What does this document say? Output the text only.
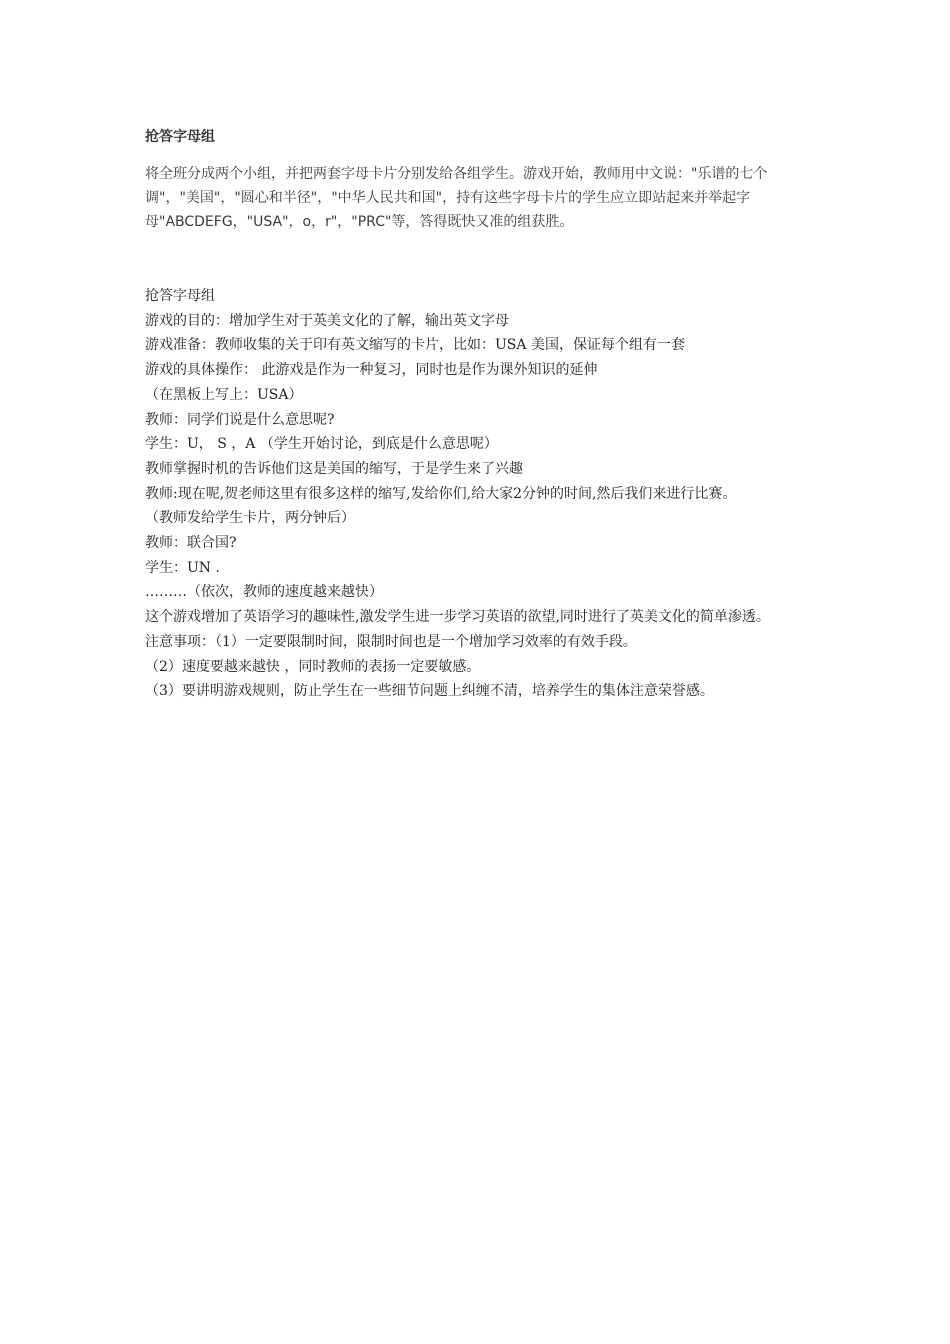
抢答字母组

将全班分成两个小组，并把两套字母卡片分别发给各组学生。游戏开始，教师用中文说："乐谱的七个调"，"美国"，"圆心和半径"，"中华人民共和国"，持有这些字母卡片的学生应立即站起来并举起字母"ABCDEFG，"USA"，o，r"，"PRC"等，答得既快又准的组获胜。

抢答字母组

游戏的目的：增加学生对于英美文化的了解，输出英文字母

游戏准备：教师收集的关于印有英文缩写的卡片，比如：USA 美国，保证每个组有一套

游戏的具体操作： 此游戏是作为一种复习，同时也是作为课外知识的延伸

（在黑板上写上：USA）

教师：同学们说是什么意思呢?

学生：U， S ，A （学生开始讨论，到底是什么意思呢）

教师掌握时机的告诉他们这是美国的缩写，于是学生来了兴趣

教师:现在呢,贺老师这里有很多这样的缩写,发给你们,给大家2分钟的时间,然后我们来进行比赛。

（教师发给学生卡片，两分钟后）

教师：联合国?

学生：UN .

………（依次，教师的速度越来越快）

这个游戏增加了英语学习的趣味性,激发学生进一步学习英语的欲望,同时进行了英美文化的简单渗透。

注意事项：（1）一定要限制时间，限制时间也是一个增加学习效率的有效手段。

（2）速度要越来越快 ，同时教师的表扬一定要敏感。

（3）要讲明游戏规则，防止学生在一些细节问题上纠缠不清，培养学生的集体注意荣誉感。
